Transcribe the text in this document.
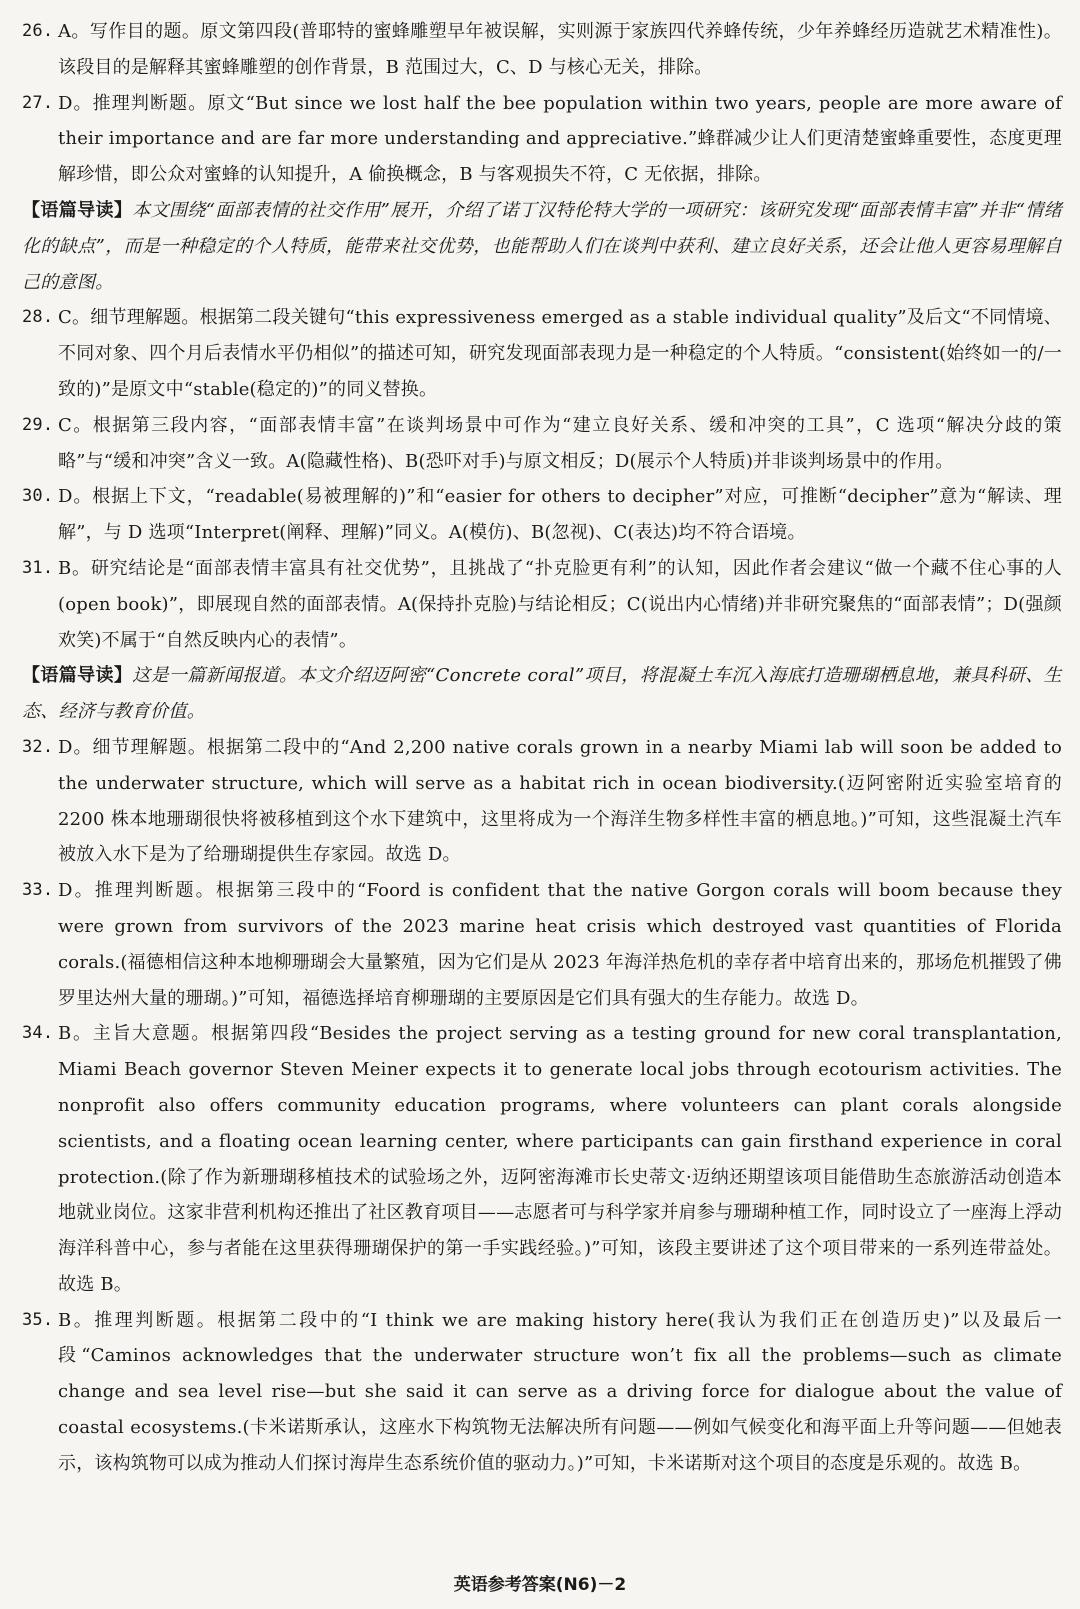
26. A。写作目的题。原文第四段(普耶特的蜜蜂雕塑早年被误解，实则源于家族四代养蜂传统，少年养蜂经历造就艺术精准性)。该段目的是解释其蜜蜂雕塑的创作背景，B 范围过大，C、D 与核心无关，排除。
27. D。推理判断题。原文“But since we lost half the bee population within two years, people are more aware of their importance and are far more understanding and appreciative.”蜂群减少让人们更清楚蜜蜂重要性，态度更理解珍惜，即公众对蜜蜂的认知提升，A 偷换概念，B 与客观损失不符，C 无依据，排除。
【语篇导读】本文围绕“面部表情的社交作用”展开，介绍了诺丁汉特伦特大学的一项研究：该研究发现“面部表情丰富”并非“情绪化的缺点”，而是一种稳定的个人特质，能带来社交优势，也能帮助人们在谈判中获利、建立良好关系，还会让他人更容易理解自己的意图。
28. C。细节理解题。根据第二段关键句“this expressiveness emerged as a stable individual quality”及后文“不同情境、不同对象、四个月后表情水平仍相似”的描述可知，研究发现面部表现力是一种稳定的个人特质。“consistent(始终如一的/一致的)”是原文中“stable(稳定的)”的同义替换。
29. C。根据第三段内容，“面部表情丰富”在谈判场景中可作为“建立良好关系、缓和冲突的工具”，C 选项“解决分歧的策略”与“缓和冲突”含义一致。A(隐藏性格)、B(恐吓对手)与原文相反；D(展示个人特质)并非谈判场景中的作用。
30. D。根据上下文，“readable(易被理解的)”和“easier for others to decipher”对应，可推断“decipher”意为“解读、理解”，与 D 选项“Interpret(阐释、理解)”同义。A(模仿)、B(忽视)、C(表达)均不符合语境。
31. B。研究结论是“面部表情丰富具有社交优势”，且挑战了“扑克脸更有利”的认知，因此作者会建议“做一个藏不住心事的人(open book)”，即展现自然的面部表情。A(保持扑克脸)与结论相反；C(说出内心情绪)并非研究聚焦的“面部表情”；D(强颜欢笑)不属于“自然反映内心的表情”。
【语篇导读】这是一篇新闻报道。本文介绍迈阿密“Concrete coral”项目，将混凝土车沉入海底打造珊瑚栖息地，兼具科研、生态、经济与教育价值。
32. D。细节理解题。根据第二段中的“And 2,200 native corals grown in a nearby Miami lab will soon be added to the underwater structure, which will serve as a habitat rich in ocean biodiversity.(迈阿密附近实验室培育的 2200 株本地珊瑚很快将被移植到这个水下建筑中，这里将成为一个海洋生物多样性丰富的栖息地。)”可知，这些混凝土汽车被放入水下是为了给珊瑚提供生存家园。故选 D。
33. D。推理判断题。根据第三段中的“Foord is confident that the native Gorgon corals will boom because they were grown from survivors of the 2023 marine heat crisis which destroyed vast quantities of Florida corals.(福德相信这种本地柳珊瑚会大量繁殖，因为它们是从 2023 年海洋热危机的幸存者中培育出来的，那场危机摧毁了佛罗里达州大量的珊瑚。)”可知，福德选择培育柳珊瑚的主要原因是它们具有强大的生存能力。故选 D。
34. B。主旨大意题。根据第四段“Besides the project serving as a testing ground for new coral transplantation, Miami Beach governor Steven Meiner expects it to generate local jobs through ecotourism activities. The nonprofit also offers community education programs, where volunteers can plant corals alongside scientists, and a floating ocean learning center, where participants can gain firsthand experience in coral protection.(除了作为新珊瑚移植技术的试验场之外，迈阿密海滩市长史蒂文·迈纳还期望该项目能借助生态旅游活动创造本地就业岗位。这家非营利机构还推出了社区教育项目——志愿者可与科学家并肩参与珊瑚种植工作，同时设立了一座海上浮动海洋科普中心，参与者能在这里获得珊瑚保护的第一手实践经验。)”可知，该段主要讲述了这个项目带来的一系列连带益处。故选 B。
35. B。推理判断题。根据第二段中的“I think we are making history here(我认为我们正在创造历史)”以及最后一段“Caminos acknowledges that the underwater structure won’t fix all the problems—such as climate change and sea level rise—but she said it can serve as a driving force for dialogue about the value of coastal ecosystems.(卡米诺斯承认，这座水下构筑物无法解决所有问题——例如气候变化和海平面上升等问题——但她表示，该构筑物可以成为推动人们探讨海岸生态系统价值的驱动力。)”可知，卡米诺斯对这个项目的态度是乐观的。故选 B。
英语参考答案(N6)－2
